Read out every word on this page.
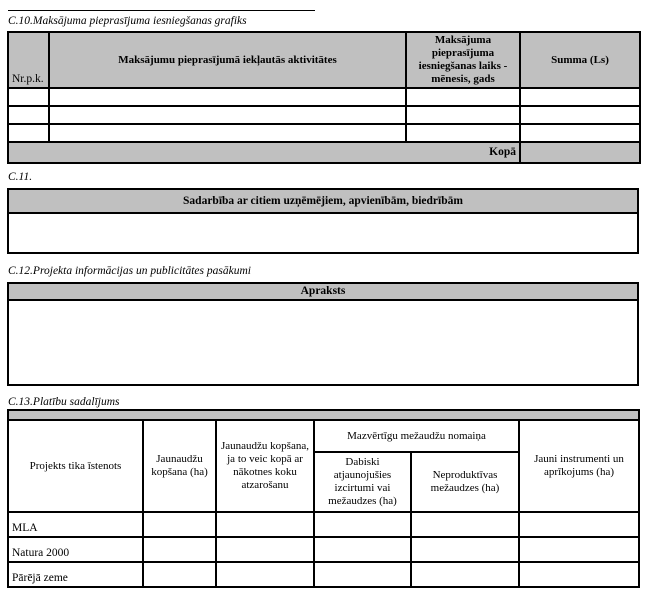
C.10.Maksājuma pieprasījuma iesniegšanas grafiks
Nr.p.k.	Maksājumu pieprasījumā iekļautās aktivitātes	Maksājuma pieprasījuma iesniegšanas laiks - mēnesis, gads	Summa (Ls)

Kopā			
C.11.
Sadarbība ar citiem uzņēmējiem, apvienībām, biedrībām

C.12.Projekta informācijas un publicitātes pasākumi
Apraksts

C.13.Platību sadalījums

Projekts tika īstenots	Jaunaudžu kopšana (ha)	Jaunaudžu kopšana, ja to veic kopā ar nākotnes koku atzarošanu	Mazvērtīgu mežaudžu nomaiņa		Jauni instrumenti un aprīkojums (ha)
			Dabiski atjaunojušies izcirtumi vai mežaudzes (ha)	Neproduktīvas mežaudzes (ha)	
MLA					
Natura 2000					
Pārējā zeme					
